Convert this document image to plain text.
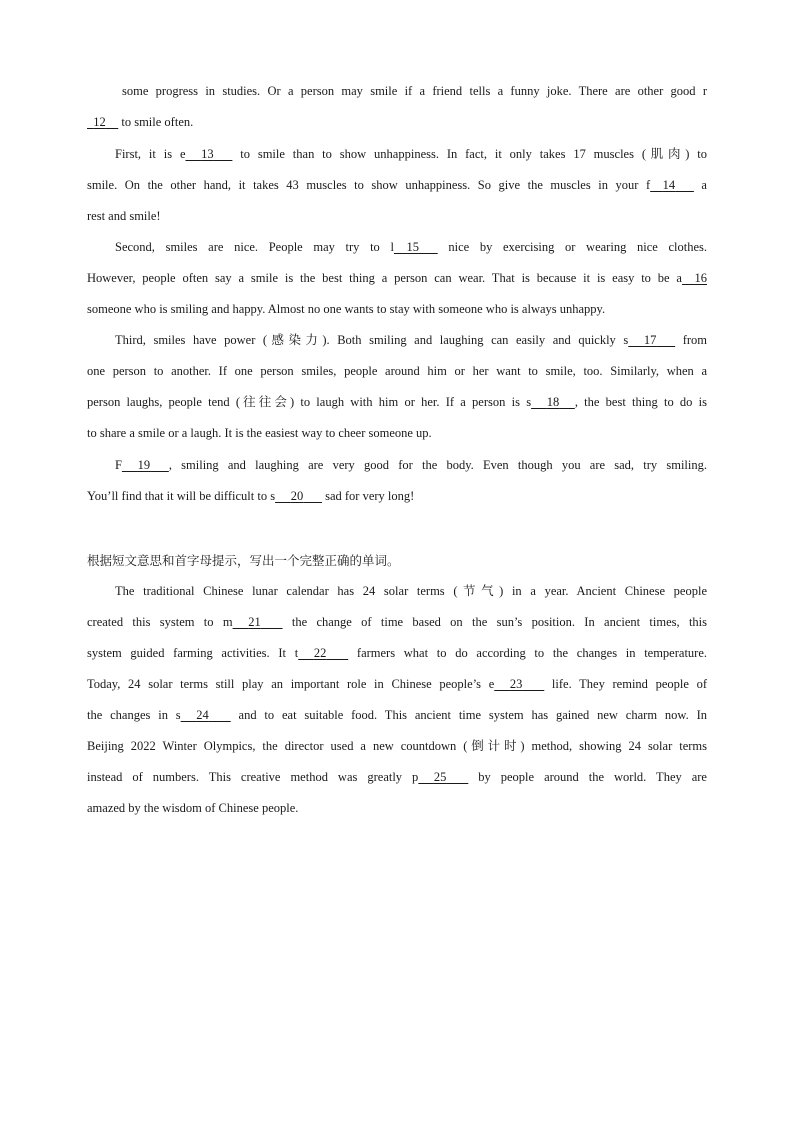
some progress in studies. Or a person may smile if a friend tells a funny joke. There are other good r
12     to smile often.
First, it is e 13       to smile than to show unhappiness. In fact, it only takes 17 muscles (肌肉) to
smile. On the other hand, it takes 43 muscles to show unhappiness. So give the muscles in your f 14       a
rest and smile!
Second, smiles are nice. People may try to l 15       nice by exercising or wearing nice clothes.
However, people often say a smile is the best thing a person can wear. That is because it is easy to be a 16
someone who is smiling and happy. Almost no one wants to stay with someone who is always unhappy.
Third, smiles have power (感染力). Both smiling and laughing can easily and quickly s 17       from
one person to another. If one person smiles, people around him or her want to smile, too. Similarly, when a
person laughs, people tend (往往会) to laugh with him or her. If a person is s 18 , the best thing to do is
to share a smile or a laugh. It is the easiest way to cheer someone up.
F 19 , smiling and laughing are very good for the body. Even though you are sad, try smiling.
You’ll find that it will be difficult to s 20       sad for very long!
根据短文意思和首字母提示，写出一个完整正确的单词。
The traditional Chinese lunar calendar has 24 solar terms (节气) in a year. Ancient Chinese people
created this system to m 21        the change of time based on the sun’s position. In ancient times, this
system guided farming activities. It t 22        farmers what to do according to the changes in temperature.
Today, 24 solar terms still play an important role in Chinese people’s e 23        life. They remind people of
the changes in s 24        and to eat suitable food. This ancient time system has gained new charm now. In
Beijing 2022 Winter Olympics, the director used a new countdown (倒计时) method, showing 24 solar terms
instead of numbers. This creative method was greatly p 25        by people around the world. They are
amazed by the wisdom of Chinese people.
